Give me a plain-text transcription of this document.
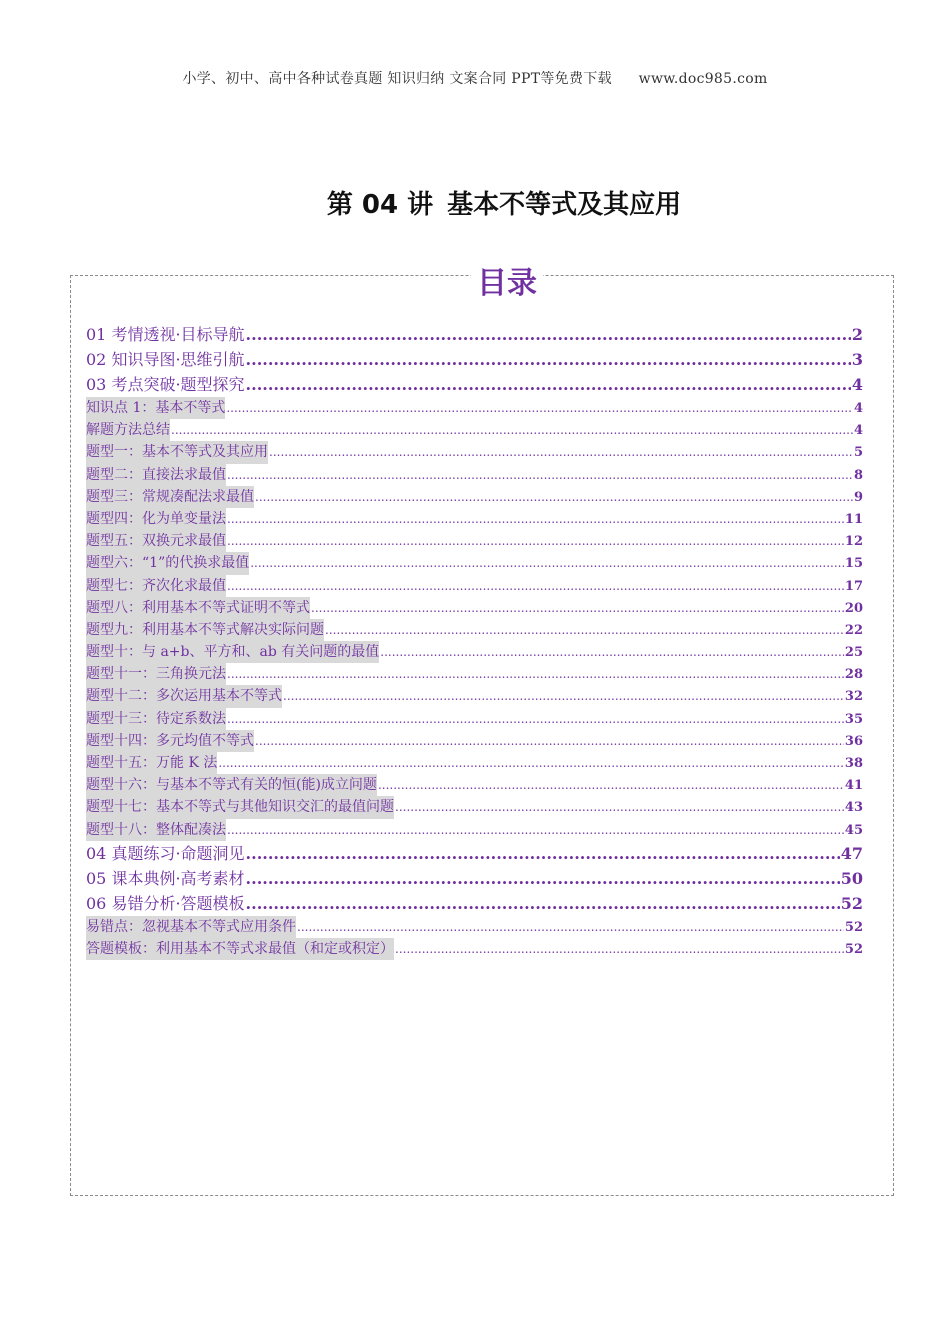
小学、初中、高中各种试卷真题 知识归纳 文案合同 PPT等免费下载 www.doc985.com
第 04 讲 基本不等式及其应用
目录
01 考情透视·目标导航 .....	2
02 知识导图·思维引航 .....	3
03 考点突破·题型探究 .....	4
知识点 1：基本不等式 .....	4
解题方法总结 .....	4
题型一：基本不等式及其应用 .....	5
题型二：直接法求最值 .....	8
题型三：常规凑配法求最值 .....	9
题型四：化为单变量法 .....	11
题型五：双换元求最值 .....	12
题型六：“1”的代换求最值 .....	15
题型七：齐次化求最值 .....	17
题型八：利用基本不等式证明不等式 .....	20
题型九：利用基本不等式解决实际问题 .....	22
题型十：与 a+b、平方和、ab 有关问题的最值 .....	25
题型十一：三角换元法 .....	28
题型十二：多次运用基本不等式 .....	32
题型十三：待定系数法 .....	35
题型十四：多元均值不等式 .....	36
题型十五：万能 K 法 .....	38
题型十六：与基本不等式有关的恒(能)成立问题 .....	41
题型十七：基本不等式与其他知识交汇的最值问题 .....	43
题型十八：整体配凑法 .....	45
04 真题练习·命题洞见 .....	47
05 课本典例·高考素材 .....	50
06 易错分析·答题模板 .....	52
易错点：忽视基本不等式应用条件 .....	52
答题模板：利用基本不等式求最值（和定或积定） .....	52
